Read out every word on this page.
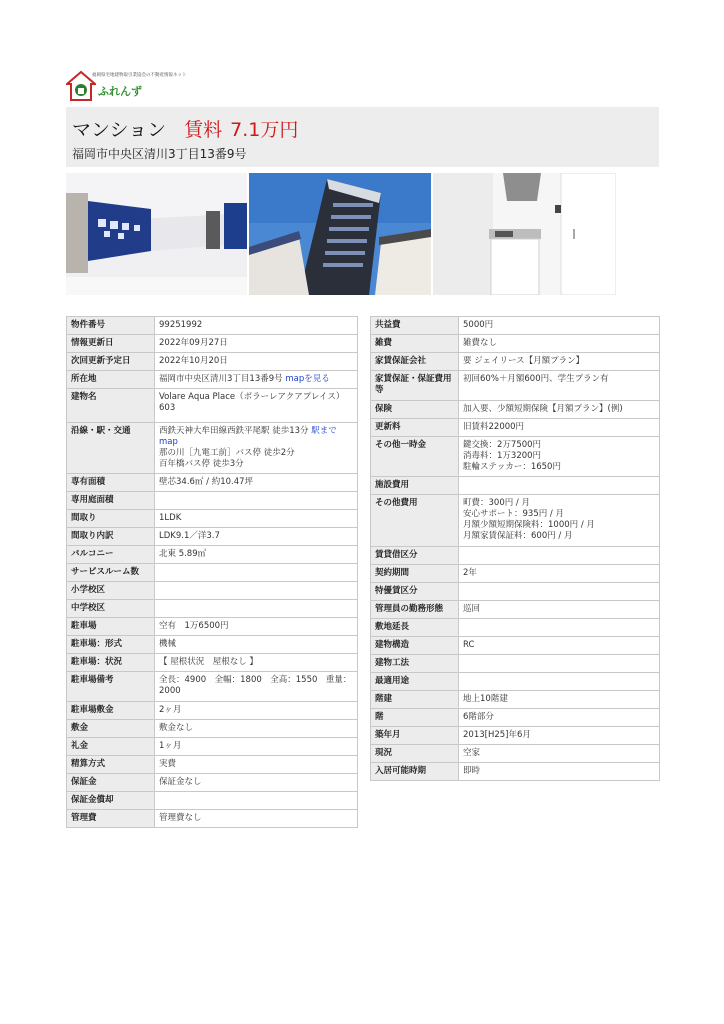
福岡県宅地建物取引業協会の不動産情報ネット
ふれんず
マンション 賃料 7.1万円
福岡市中央区清川3丁目13番9号
物件番号	99251992
情報更新日	2022年09月27日
次回更新予定日	2022年10月20日
所在地	福岡市中央区清川3丁目13番9号 mapを見る
建物名	Volare Aqua Place（ボラーレアクアプレイス）
603
沿線・駅・交通	西鉄天神大牟田線西鉄平尾駅 徒歩13分 駅までmap
那の川［九電工前］バス停 徒歩2分
百年橋バス停 徒歩3分

専有面積	壁芯34.6㎡ / 約10.47坪
専用庭面積	
間取り	1LDK
間取り内訳	LDK9.1／洋3.7
バルコニー	北東 5.89㎡
サービスルーム数	
小学校区	
中学校区	
駐車場	空有　1万6500円
駐車場：形式	機械
駐車場：状況	【 屋根状況　屋根なし 】
駐車場備考	全長：4900　全幅：1800　全高：1550　重量：2000
駐車場敷金	2ヶ月
敷金	敷金なし
礼金	1ヶ月
精算方式	実費
保証金	保証金なし
保証金償却	
管理費	管理費なし
共益費	5000円
雑費	雑費なし
家賃保証会社	要 ジェイリース【月額プラン】
家賃保証・保証費用等	初回60%＋月額600円、学生プラン有
保険	加入要、少額短期保険【月額プラン】(例)
更新料	旧賃料22000円
その他一時金	鍵交換：2万7500円
消毒料：1万3200円
駐輪ステッカー：1650円
施設費用	
その他費用	町費：300円 / 月
安心サポート：935円 / 月
月額少額短期保険料：1000円 / 月
月額家賃保証料：600円 / 月
賃貸借区分	
契約期間	2年
特優賃区分	
管理員の勤務形態	巡回
敷地延長	
建物構造	RC
建物工法	
最適用途	
階建	地上10階建
階	6階部分
築年月	2013[H25]年6月
現況	空家
入居可能時期	即時
